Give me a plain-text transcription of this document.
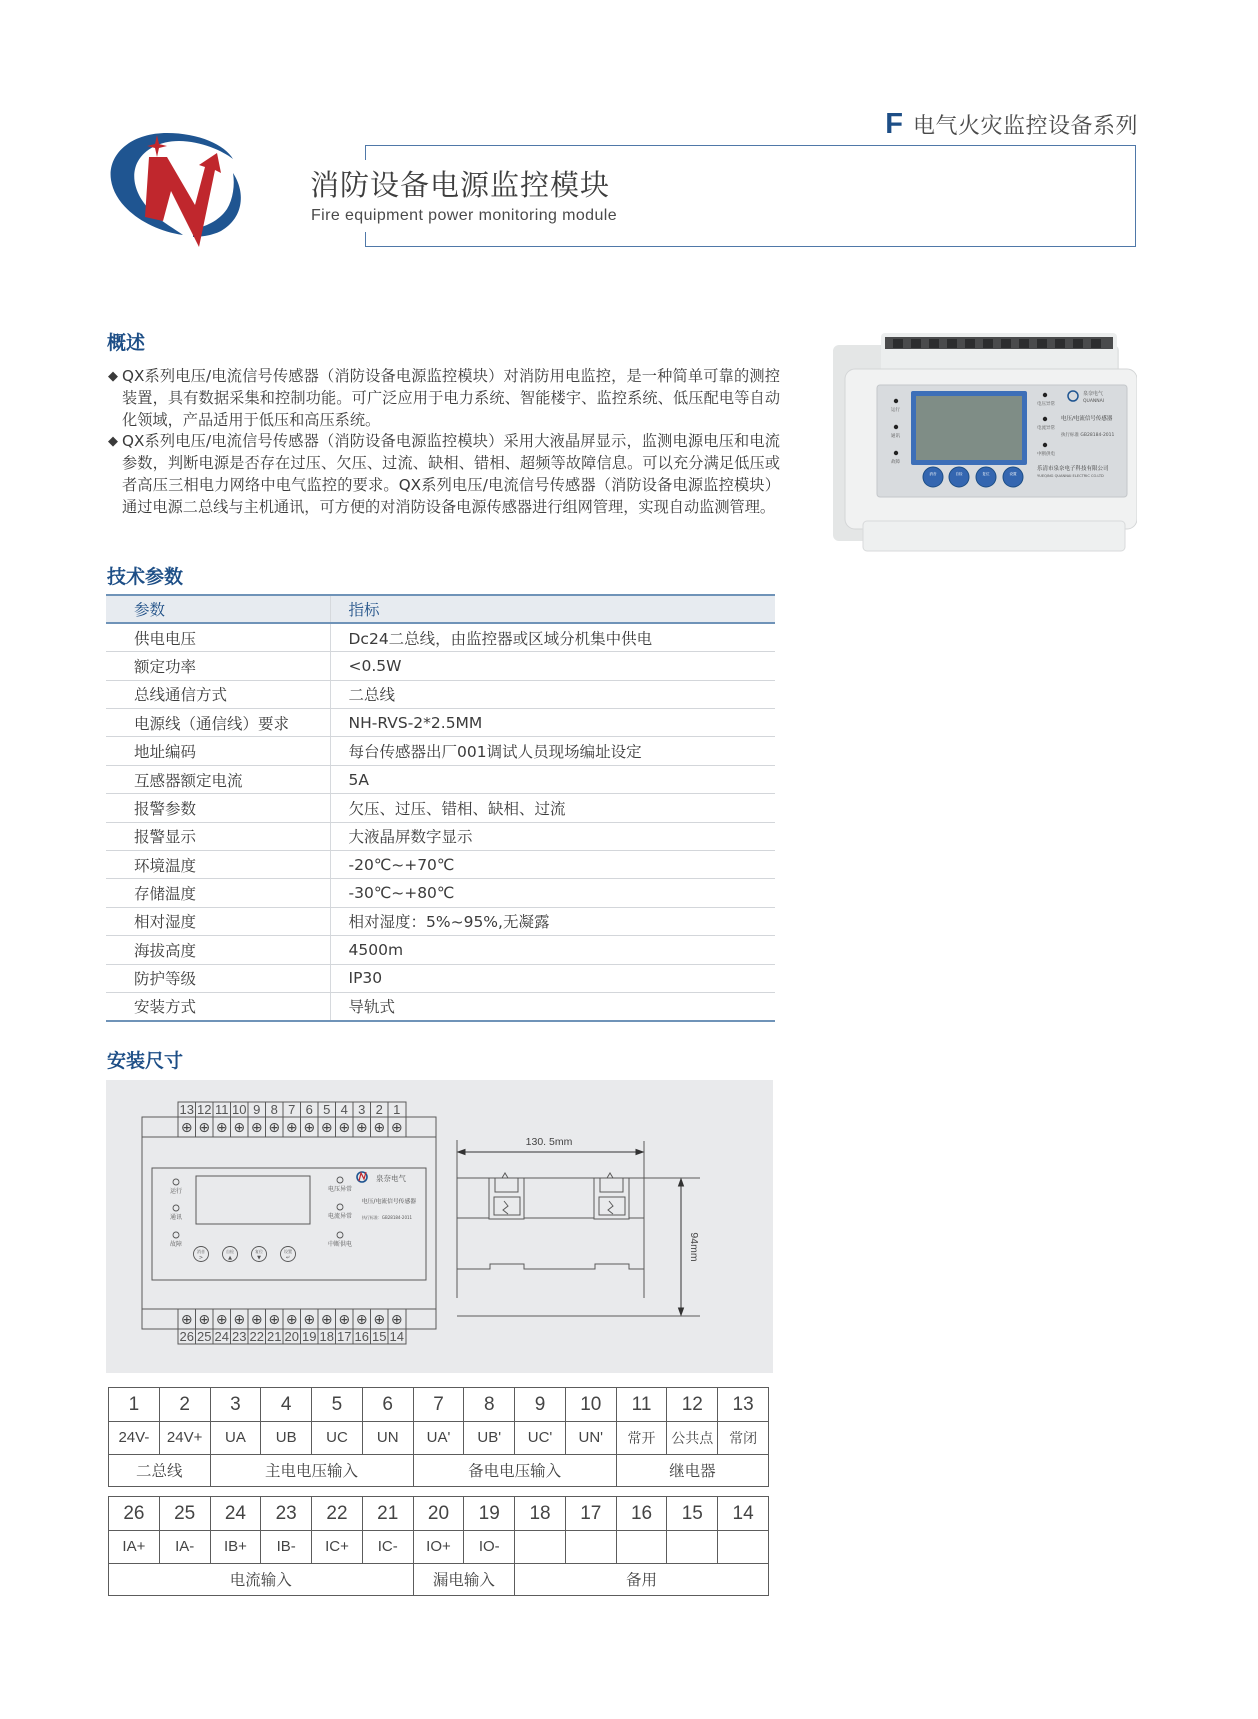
F 电气火灾监控设备系列
消防设备电源监控模块
Fire equipment power monitoring module
概述

◆ QX系列电压/电流信号传感器（消防设备电源监控模块）对消防用电监控，是一种简单可靠的测控装置，具有数据采集和控制功能。可广泛应用于电力系统、智能楼宇、监控系统、低压配电等自动化领域，产品适用于低压和高压系统。

◆ QX系列电压/电流信号传感器（消防设备电源监控模块）采用大液晶屏显示，监测电源电压和电流参数，判断电源是否存在过压、欠压、过流、缺相、错相、超频等故障信息。可以充分满足低压或者高压三相电力网络中电气监控的要求。QX系列电压/电流信号传感器（消防设备电源监控模块）通过电源二总线与主机通讯，可方便的对消防设备电源传感器进行组网管理，实现自动监测管理。

运行
通讯
故障
电压异常
电流异常
中断供电
泉奈电气
QUANNAI
电压/电流信号传感器
执行标准 GB28184-2011
乐清市泉奈电子科技有限公司
YUEQING QUANNAI ELECTRIC CO.LTD
消音	自检	复位	设置
技术参数
参数	指标
供电电压	Dc24二总线，由监控器或区域分机集中供电
额定功率	<0.5W
总线通信方式	二总线
电源线（通信线）要求	NH-RVS-2*2.5MM
地址编码	每台传感器出厂001调试人员现场编址设定
互感器额定电流	5A
报警参数	欠压、过压、错相、缺相、过流
报警显示	大液晶屏数字显示
环境温度	-20℃~+70℃
存储温度	-30℃~+80℃
相对湿度	相对湿度：5%~95%,无凝露
海拔高度	4500m
防护等级	IP30
安装方式	导轨式
安装尺寸
⊕ ⊕ ⊕ ⊕ ⊕ ⊕ ⊕ ⊕ ⊕ ⊕ ⊕ ⊕ ⊕
⊕ ⊕ ⊕ ⊕ ⊕ ⊕ ⊕ ⊕ ⊕ ⊕ ⊕ ⊕ ⊕
13 12 11 10 9 8 7 6 5 4 3 2 1
26 25 24 23 22 21 20 19 18 17 16 15 14
运行
通讯
故障
电压异常
电流异常
中断供电
消音	自检	复位	设置
泉奈电气
电压/电流信号传感器
执行标准：GB28184-2011
>	▲	▼	↵
130. 5mm
94mm
1	2	3	4	5	6	7	8	9	10	11	12	13
24V-	24V+	UA	UB	UC	UN	UA'	UB'	UC'	UN'	常开	公共点	常闭
二总线		主电电压输入				备电电压输入				继电器		

26	25	24	23	22	21	20	19	18	17	16	15	14
IA+	IA-	IB+	IB-	IC+	IC-	IO+	IO-					
电流输入						漏电输入		备用				
